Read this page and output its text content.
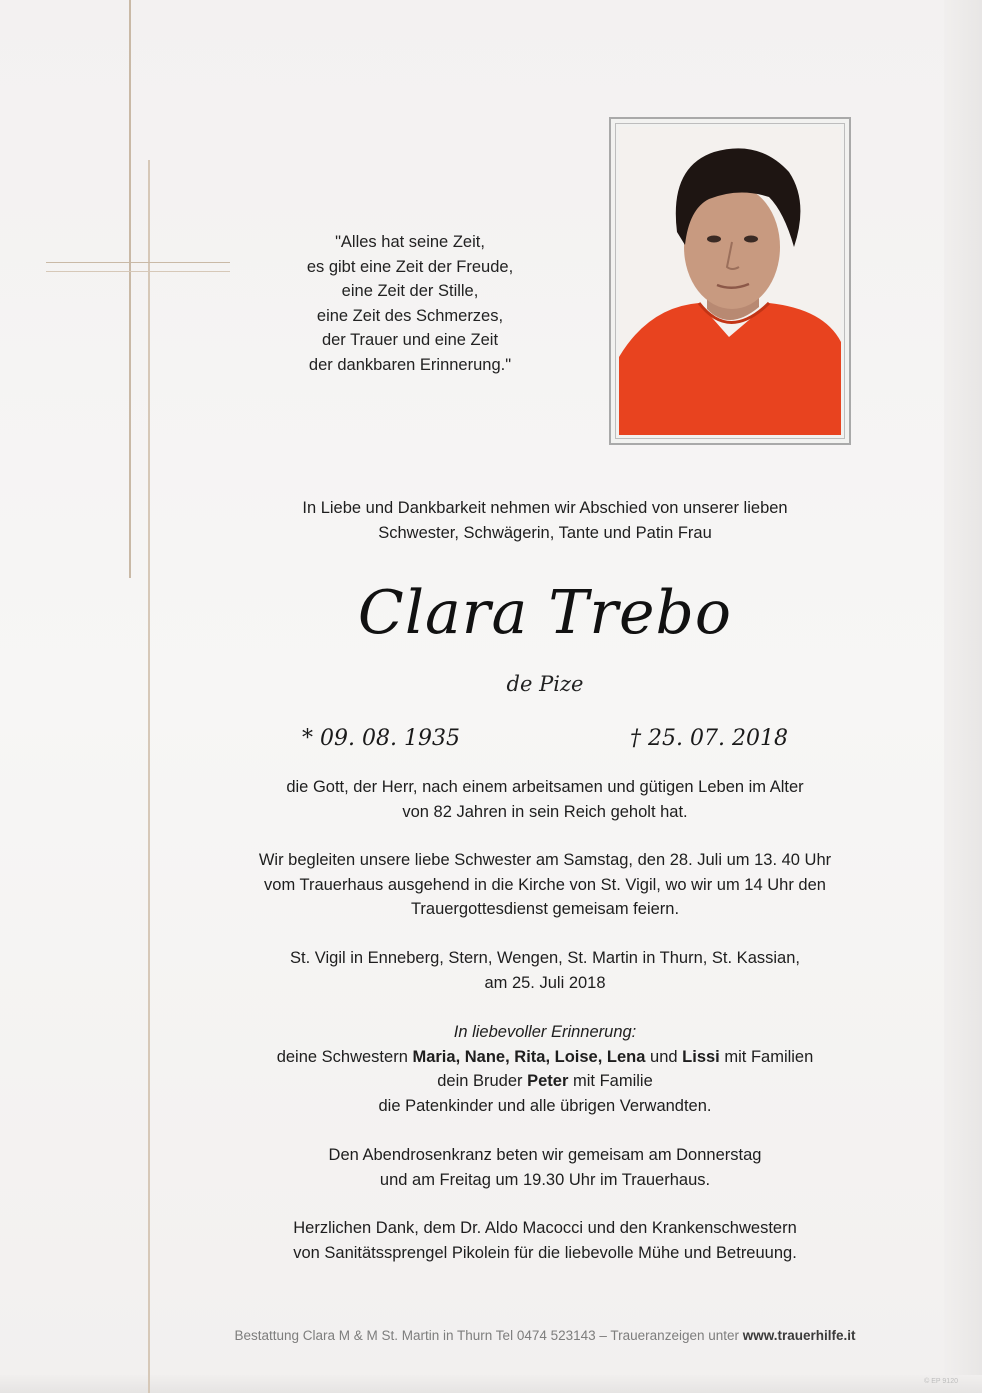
"Alles hat seine Zeit,
es gibt eine Zeit der Freude,
eine Zeit der Stille,
eine Zeit des Schmerzes,
der Trauer und eine Zeit
der dankbaren Erinnerung."
In Liebe und Dankbarkeit nehmen wir Abschied von unserer lieben
Schwester, Schwägerin, Tante und Patin Frau
Clara Trebo
de Pize
* 09. 08. 1935	† 25. 07. 2018
die Gott, der Herr, nach einem arbeitsamen und gütigen Leben im Alter
von 82 Jahren in sein Reich geholt hat.
Wir begleiten unsere liebe Schwester am Samstag, den 28. Juli um 13. 40 Uhr
vom Trauerhaus ausgehend in die Kirche von St. Vigil, wo wir um 14 Uhr den
Trauergottesdienst gemeisam feiern.
St. Vigil in Enneberg, Stern, Wengen, St. Martin in Thurn, St. Kassian,
am 25. Juli 2018
In liebevoller Erinnerung:
deine Schwestern Maria, Nane, Rita, Loise, Lena und Lissi mit Familien
dein Bruder Peter mit Familie
die Patenkinder und alle übrigen Verwandten.
Den Abendrosenkranz beten wir gemeisam am Donnerstag
und am Freitag um 19.30 Uhr im Trauerhaus.
Herzlichen Dank, dem Dr. Aldo Macocci und den Krankenschwestern
von Sanitätssprengel Pikolein für die liebevolle Mühe und Betreuung.
Bestattung Clara M & M St. Martin in Thurn Tel 0474 523143 – Traueranzeigen unter www.trauerhilfe.it
© EP 9120
